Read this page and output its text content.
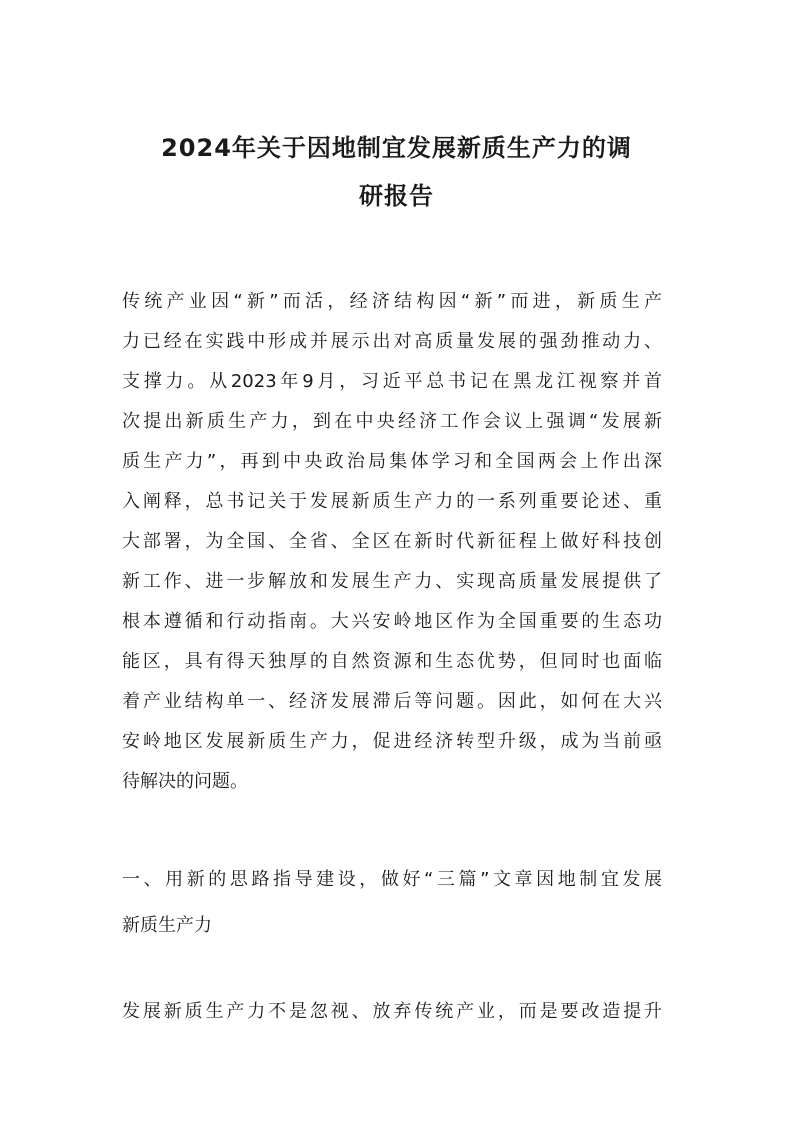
2024年关于因地制宜发展新质生产力的调
研报告

传统产业因“新”而活，经济结构因“新”而进，新质生产

力已经在实践中形成并展示出对高质量发展的强劲推动力、

支撑力。从2023年9月，习近平总书记在黑龙江视察并首

次提出新质生产力，到在中央经济工作会议上强调“发展新

质生产力”，再到中央政治局集体学习和全国两会上作出深

入阐释，总书记关于发展新质生产力的一系列重要论述、重

大部署，为全国、全省、全区在新时代新征程上做好科技创

新工作、进一步解放和发展生产力、实现高质量发展提供了

根本遵循和行动指南。大兴安岭地区作为全国重要的生态功

能区，具有得天独厚的自然资源和生态优势，但同时也面临

着产业结构单一、经济发展滞后等问题。因此，如何在大兴

安岭地区发展新质生产力，促进经济转型升级，成为当前亟

待解决的问题。

一、用新的思路指导建设，做好“三篇”文章因地制宜发展

新质生产力

发展新质生产力不是忽视、放弃传统产业，而是要改造提升
